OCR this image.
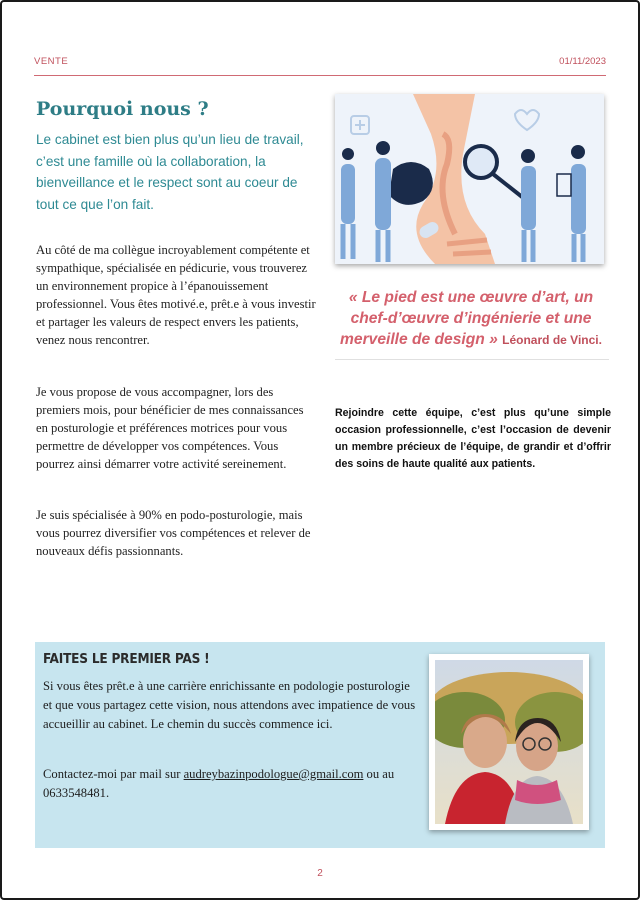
VENTE	01/11/2023
Pourquoi nous ?

Le cabinet est bien plus qu’un lieu de travail, c’est une famille où la collaboration, la bienveillance et le respect sont au coeur de tout ce que l’on fait.

Au côté de ma collègue incroyablement compétente et sympathique, spécialisée en pédicurie, vous trouverez un environnement propice à l’épanouissement professionnel. Vous êtes motivé.e, prêt.e à vous investir et partager les valeurs de respect envers les patients, venez nous rencontrer.

Je vous propose de vous accompagner, lors des premiers mois, pour bénéficier de mes connaissances en posturologie et préférences motrices pour vous permettre de développer vos compétences. Vous pourrez ainsi démarrer votre activité sereinement.

Je suis spécialisée à 90% en podo-posturologie, mais vous pourrez diversifier vos compétences et relever de nouveaux défis passionnants.

« Le pied est une œuvre d’art, un chef-d’œuvre d’ingénierie et une merveille de design » Léonard de Vinci.

Rejoindre cette équipe, c’est plus qu’une simple occasion professionnelle, c’est l’occasion de devenir un membre précieux de l’équipe, de grandir et d’offrir des soins de haute qualité aux patients.

FAITES LE PREMIER PAS !

Si vous êtes prêt.e à une carrière enrichissante en podologie posturologie et que vous partagez cette vision, nous attendons avec impatience de vous accueillir au cabinet. Le chemin du succès commence ici.

Contactez-moi par mail sur audreybazinpodologue@gmail.com ou au 0633548481.

2
